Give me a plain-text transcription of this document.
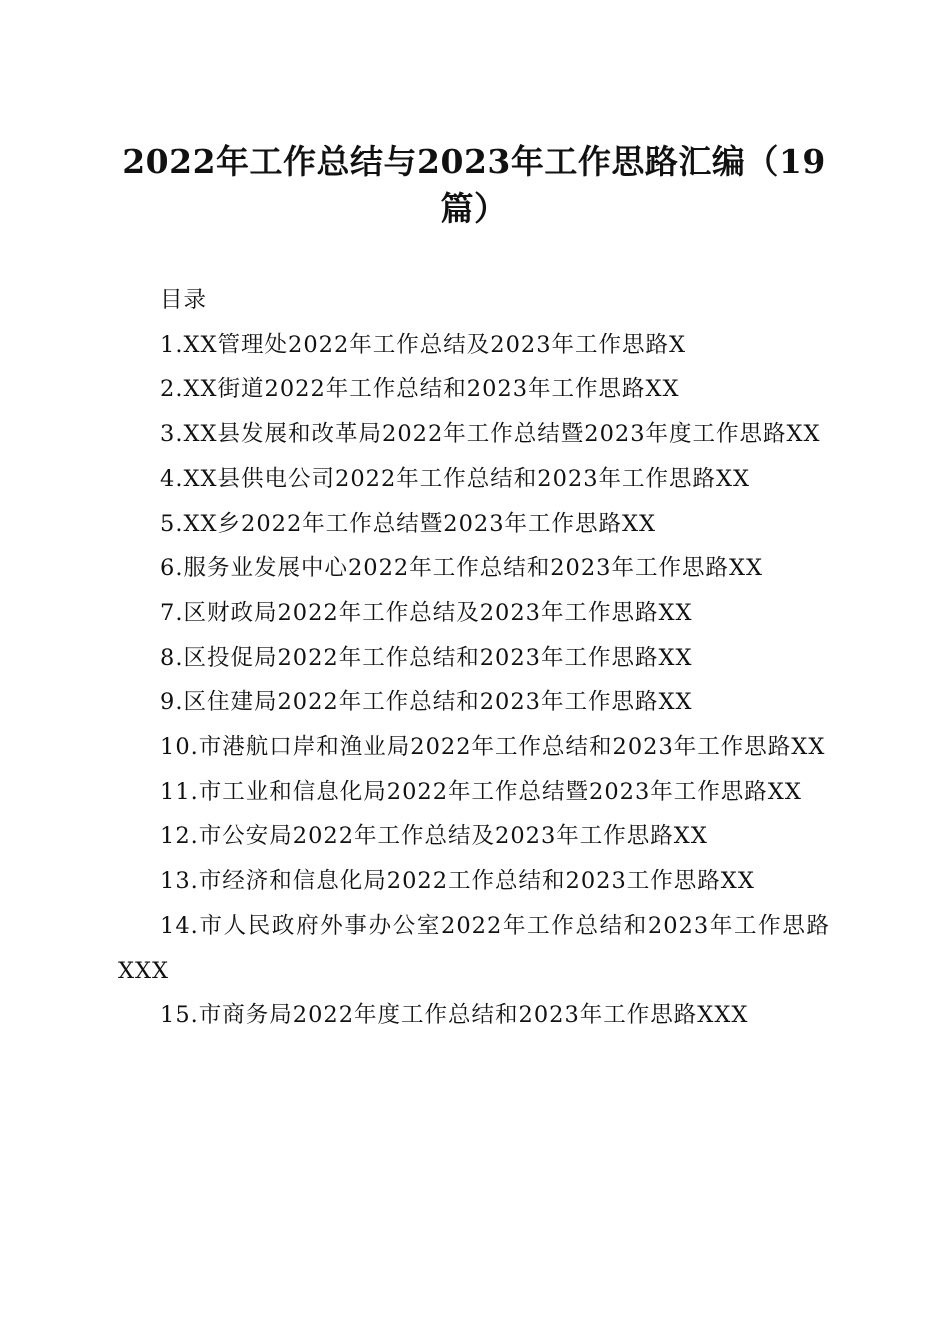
2022年工作总结与2023年工作思路汇编（19篇）

目录

1.XX管理处2022年工作总结及2023年工作思路X

2.XX街道2022年工作总结和2023年工作思路XX

3.XX县发展和改革局2022年工作总结暨2023年度工作思路XX

4.XX县供电公司2022年工作总结和2023年工作思路XX

5.XX乡2022年工作总结暨2023年工作思路XX

6.服务业发展中心2022年工作总结和2023年工作思路XX

7.区财政局2022年工作总结及2023年工作思路XX

8.区投促局2022年工作总结和2023年工作思路XX

9.区住建局2022年工作总结和2023年工作思路XX

10.市港航口岸和渔业局2022年工作总结和2023年工作思路XX

11.市工业和信息化局2022年工作总结暨2023年工作思路XX

12.市公安局2022年工作总结及2023年工作思路XX

13.市经济和信息化局2022工作总结和2023工作思路XX

14.市人民政府外事办公室2022年工作总结和2023年工作思路XXX

15.市商务局2022年度工作总结和2023年工作思路XXX
